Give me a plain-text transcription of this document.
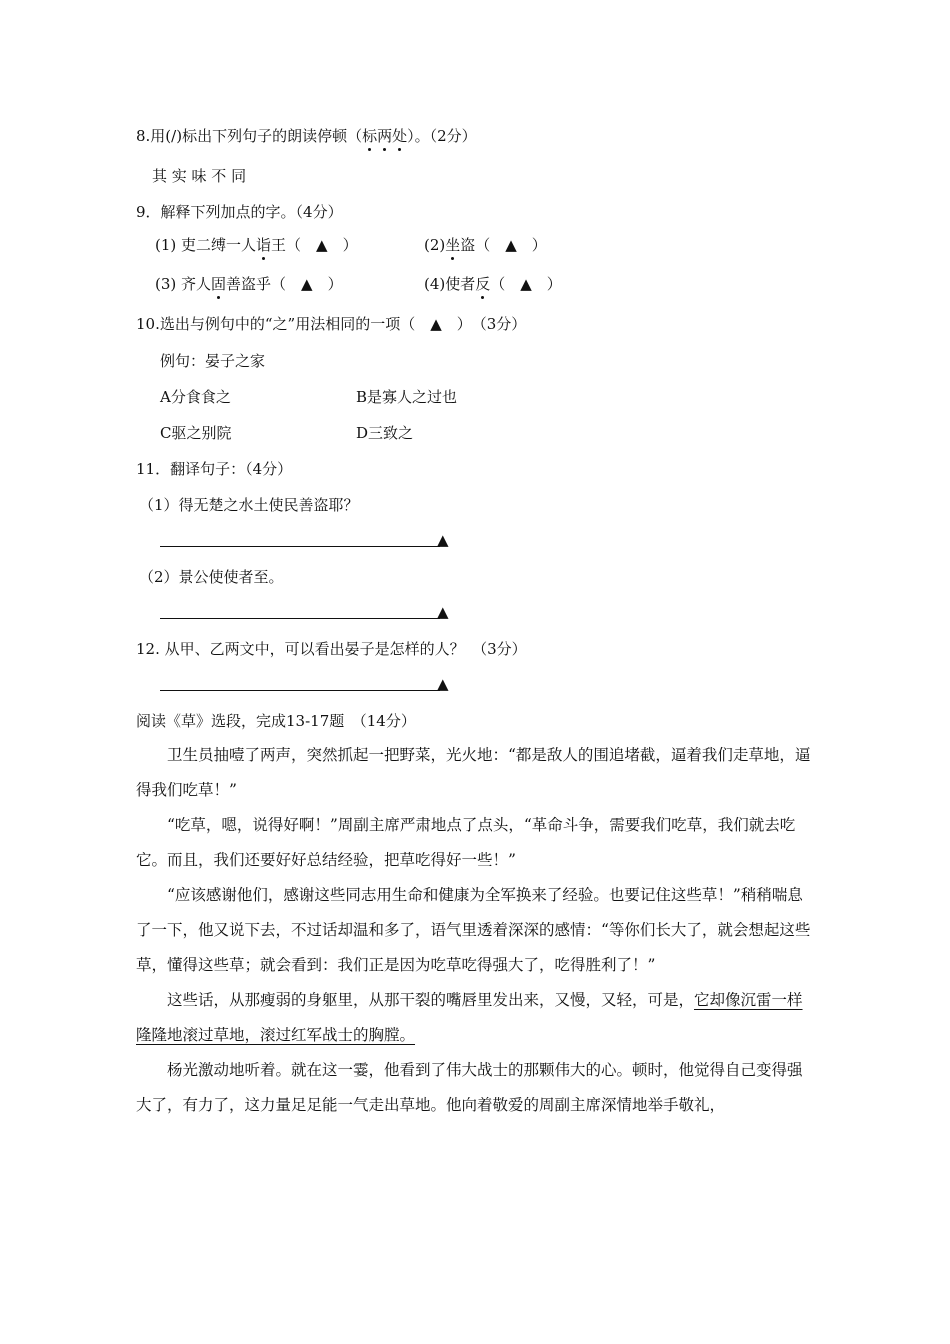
8.用(/)标出下列句子的朗读停顿（标两处）。（2分）
其 实 味 不 同
9．解释下列加点的字。（4分）
(1) 吏二缚一人诣王（　▲　）	(2)坐盗（　▲　）
(3) 齐人固善盗乎（　▲　）	(4)使者反（　▲　）
10.选出与例句中的“之”用法相同的一项（　▲　）　（3分）
例句：晏子之家
A分食食之	B是寡人之过也
C驱之别院	D三致之
11．翻译句子：（4分）
（1）得无楚之水土使民善盗耶？
▲
（2）景公使使者至。
▲
12. 从甲、乙两文中，可以看出晏子是怎样的人？　（3分）
▲
阅读《草》选段，完成13-17题　（14分）

卫生员抽噎了两声，突然抓起一把野菜，光火地：“都是敌人的围追堵截，逼着我们走草地，逼得我们吃草！”

“吃草，嗯，说得好啊！”周副主席严肃地点了点头，“革命斗争，需要我们吃草，我们就去吃它。而且，我们还要好好总结经验，把草吃得好一些！”

“应该感谢他们，感谢这些同志用生命和健康为全军换来了经验。也要记住这些草！”稍稍喘息了一下，他又说下去，不过话却温和多了，语气里透着深深的感情：“等你们长大了，就会想起这些草，懂得这些草；就会看到：我们正是因为吃草吃得强大了，吃得胜利了！”

这些话，从那瘦弱的身躯里，从那干裂的嘴唇里发出来，又慢，又轻，可是，它却像沉雷一样隆隆地滚过草地，滚过红军战士的胸膛。

杨光激动地听着。就在这一霎，他看到了伟大战士的那颗伟大的心。顿时，他觉得自己变得强大了，有力了，这力量足足能一气走出草地。他向着敬爱的周副主席深情地举手敬礼，
